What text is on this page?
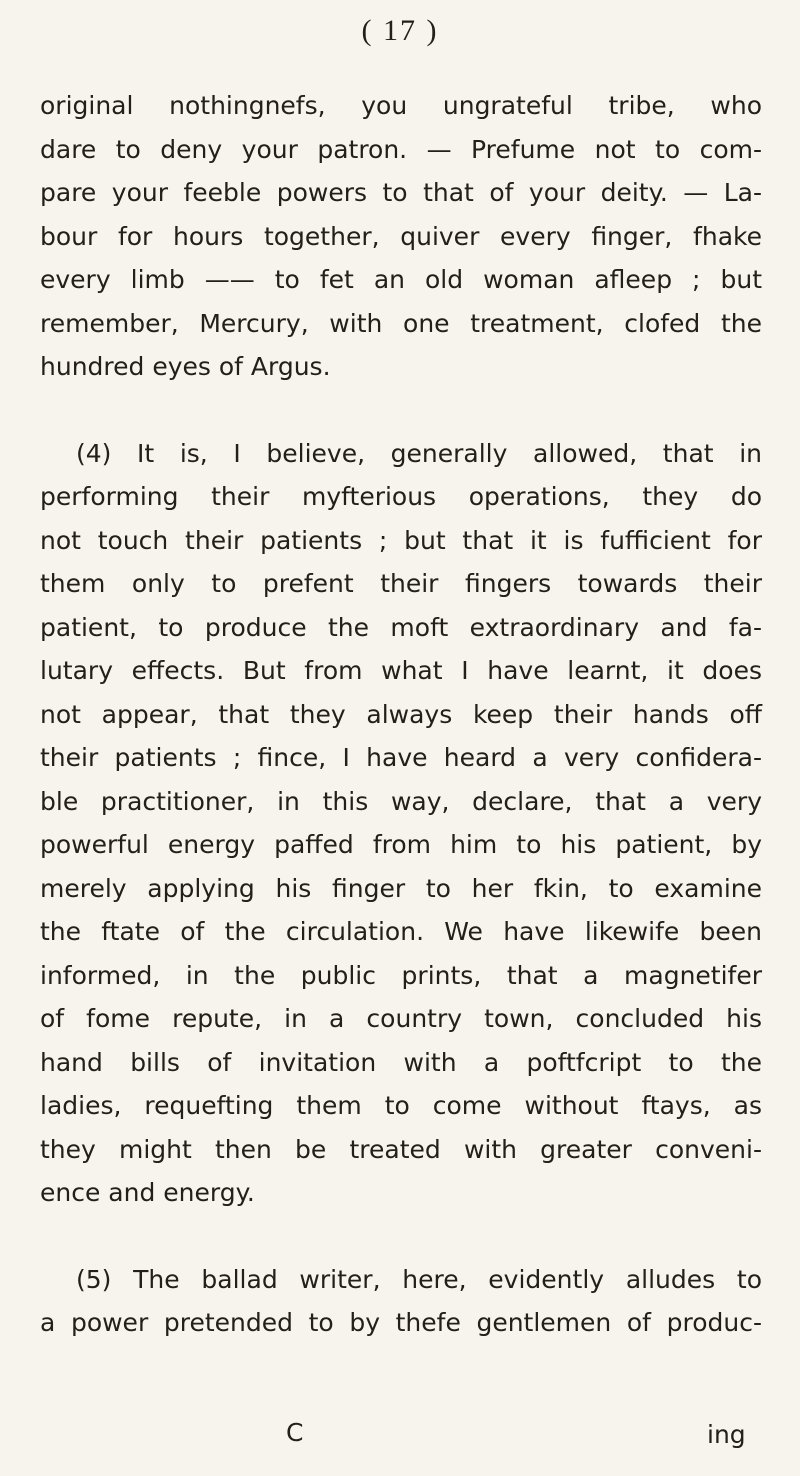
( 17 )
original nothingnefs, you ungrateful tribe, who
dare to deny your patron. — Prefume not to com-
pare your feeble powers to that of your deity. — La-
bour for hours together, quiver every finger, fhake
every limb —— to fet an old woman afleep ; but
remember, Mercury, with one treatment, clofed the
hundred eyes of Argus.
(4) It is, I believe, generally allowed, that in
performing their myfterious operations, they do
not touch their patients ; but that it is fufficient for
them only to prefent their fingers towards their
patient, to produce the moft extraordinary and fa-
lutary effects. But from what I have learnt, it does
not appear, that they always keep their hands off
their patients ; fince, I have heard a very confidera-
ble practitioner, in this way, declare, that a very
powerful energy paffed from him to his patient, by
merely applying his finger to her fkin, to examine
the ftate of the circulation. We have likewife been
informed, in the public prints, that a magnetifer
of fome repute, in a country town, concluded his
hand bills of invitation with a poftfcript to the
ladies, requefting them to come without ftays, as
they might then be treated with greater conveni-
ence and energy.
(5) The ballad writer, here, evidently alludes to
a power pretended to by thefe gentlemen of produc-
C	ing
